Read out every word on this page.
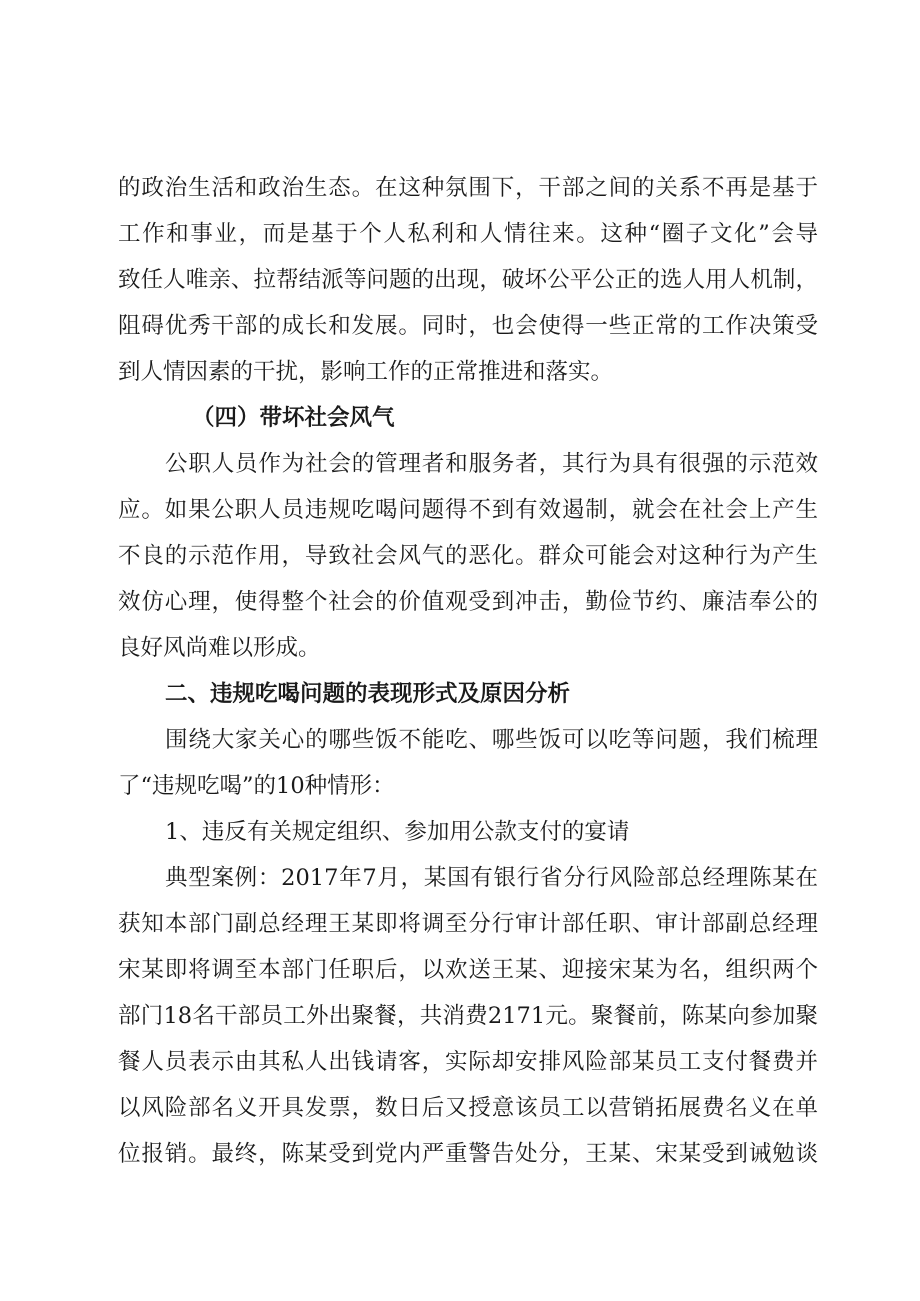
的政治生活和政治生态。在这种氛围下，干部之间的关系不再是基于
工作和事业，而是基于个人私利和人情往来。这种“圈子文化”会导
致任人唯亲、拉帮结派等问题的出现，破坏公平公正的选人用人机制，
阻碍优秀干部的成长和发展。同时，也会使得一些正常的工作决策受
到人情因素的干扰，影响工作的正常推进和落实。
（四）带坏社会风气
公职人员作为社会的管理者和服务者，其行为具有很强的示范效
应。如果公职人员违规吃喝问题得不到有效遏制，就会在社会上产生
不良的示范作用，导致社会风气的恶化。群众可能会对这种行为产生
效仿心理，使得整个社会的价值观受到冲击，勤俭节约、廉洁奉公的
良好风尚难以形成。
二、违规吃喝问题的表现形式及原因分析
围绕大家关心的哪些饭不能吃、哪些饭可以吃等问题，我们梳理
了“违规吃喝”的10种情形：
1、违反有关规定组织、参加用公款支付的宴请
典型案例：2017年7月，某国有银行省分行风险部总经理陈某在
获知本部门副总经理王某即将调至分行审计部任职、审计部副总经理
宋某即将调至本部门任职后，以欢送王某、迎接宋某为名，组织两个
部门18名干部员工外出聚餐，共消费2171元。聚餐前，陈某向参加聚
餐人员表示由其私人出钱请客，实际却安排风险部某员工支付餐费并
以风险部名义开具发票，数日后又授意该员工以营销拓展费名义在单
位报销。最终，陈某受到党内严重警告处分，王某、宋某受到诫勉谈
